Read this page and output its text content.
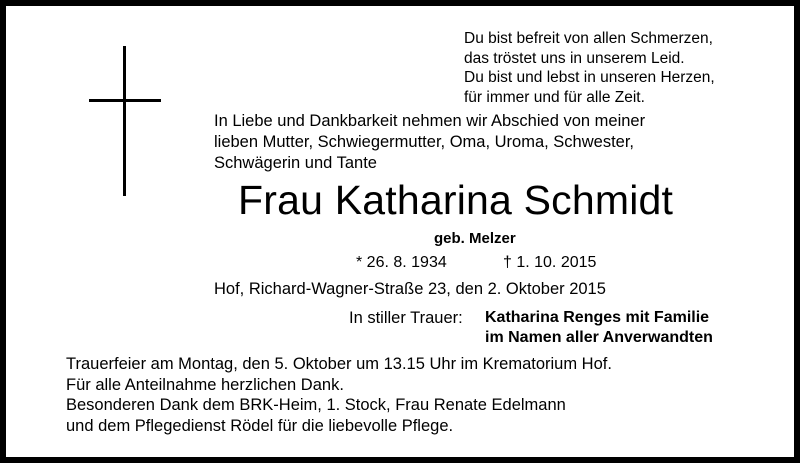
Du bist befreit von allen Schmerzen,
das tröstet uns in unserem Leid.
Du bist und lebst in unseren Herzen,
für immer und für alle Zeit.
In Liebe und Dankbarkeit nehmen wir Abschied von meiner
lieben Mutter, Schwiegermutter, Oma, Uroma, Schwester,
Schwägerin und Tante
Frau Katharina Schmidt
geb. Melzer
* 26. 8. 1934	† 1. 10. 2015
Hof, Richard-Wagner-Straße 23, den 2. Oktober 2015
In stiller Trauer: Katharina Renges mit Familie
im Namen aller Anverwandten
Trauerfeier am Montag, den 5. Oktober um 13.15 Uhr im Krematorium Hof.
Für alle Anteilnahme herzlichen Dank.
Besonderen Dank dem BRK-Heim, 1. Stock, Frau Renate Edelmann
und dem Pflegedienst Rödel für die liebevolle Pflege.
